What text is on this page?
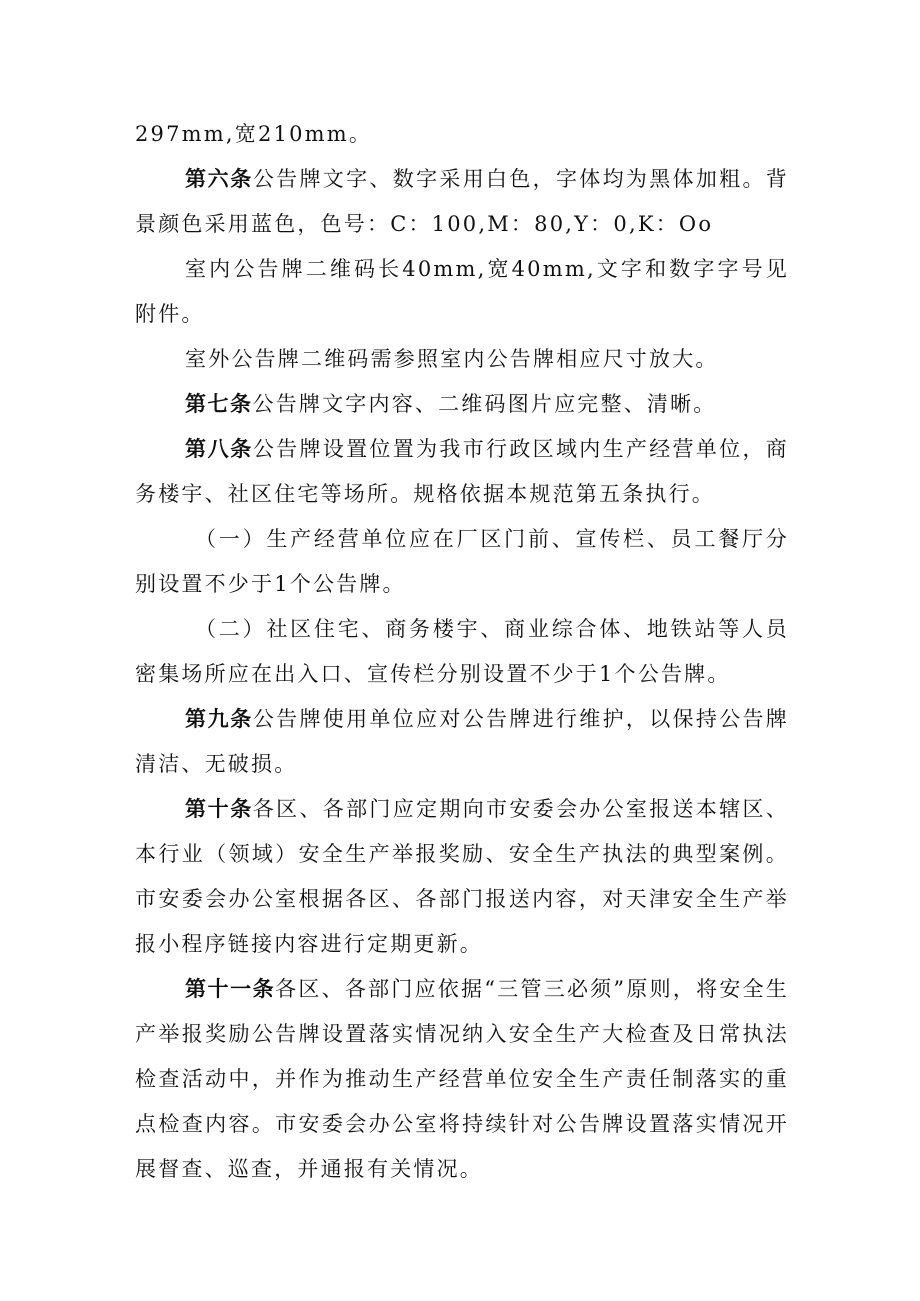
297mm,宽210mm。

第六条公告牌文字、数字采用白色，字体均为黑体加粗。背景颜色采用蓝色，色号：C：100,M：80,Y：0,K：Oo

室内公告牌二维码长40mm,宽40mm,文字和数字字号见附件。

室外公告牌二维码需参照室内公告牌相应尺寸放大。

第七条公告牌文字内容、二维码图片应完整、清晰。

第八条公告牌设置位置为我市行政区域内生产经营单位，商务楼宇、社区住宅等场所。规格依据本规范第五条执行。

（一）生产经营单位应在厂区门前、宣传栏、员工餐厅分别设置不少于1个公告牌。

（二）社区住宅、商务楼宇、商业综合体、地铁站等人员密集场所应在出入口、宣传栏分别设置不少于1个公告牌。

第九条公告牌使用单位应对公告牌进行维护，以保持公告牌清洁、无破损。

第十条各区、各部门应定期向市安委会办公室报送本辖区、本行业（领域）安全生产举报奖励、安全生产执法的典型案例。市安委会办公室根据各区、各部门报送内容，对天津安全生产举报小程序链接内容进行定期更新。

第十一条各区、各部门应依据“三管三必须”原则，将安全生产举报奖励公告牌设置落实情况纳入安全生产大检查及日常执法检查活动中，并作为推动生产经营单位安全生产责任制落实的重点检查内容。市安委会办公室将持续针对公告牌设置落实情况开展督查、巡查，并通报有关情况。
